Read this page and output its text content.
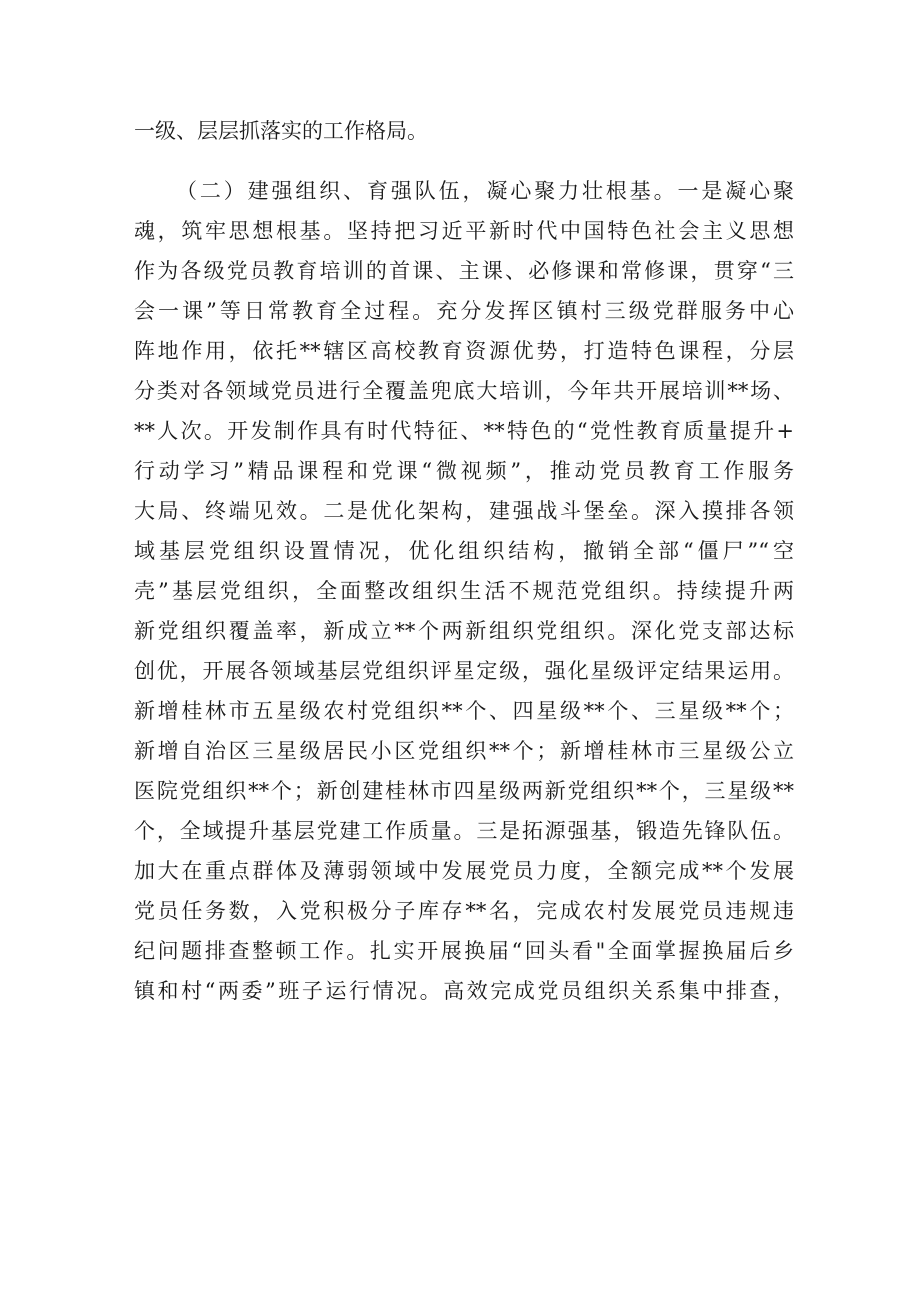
一级、层层抓落实的工作格局。
（二）建强组织、育强队伍，凝心聚力壮根基。一是凝心聚
魂，筑牢思想根基。坚持把习近平新时代中国特色社会主义思想
作为各级党员教育培训的首课、主课、必修课和常修课，贯穿“三
会一课”等日常教育全过程。充分发挥区镇村三级党群服务中心
阵地作用，依托**辖区高校教育资源优势，打造特色课程，分层
分类对各领域党员进行全覆盖兜底大培训，今年共开展培训**场、
**人次。开发制作具有时代特征、**特色的“党性教育质量提升+
行动学习”精品课程和党课“微视频”，推动党员教育工作服务
大局、终端见效。二是优化架构，建强战斗堡垒。深入摸排各领
域基层党组织设置情况，优化组织结构，撤销全部“僵尸”“空
壳”基层党组织，全面整改组织生活不规范党组织。持续提升两
新党组织覆盖率，新成立**个两新组织党组织。深化党支部达标
创优，开展各领域基层党组织评星定级，强化星级评定结果运用。
新增桂林市五星级农村党组织**个、四星级**个、三星级**个；
新增自治区三星级居民小区党组织**个；新增桂林市三星级公立
医院党组织**个；新创建桂林市四星级两新党组织**个，三星级**
个，全域提升基层党建工作质量。三是拓源强基，锻造先锋队伍。
加大在重点群体及薄弱领域中发展党员力度，全额完成**个发展
党员任务数，入党积极分子库存**名，完成农村发展党员违规违
纪问题排查整顿工作。扎实开展换届“回头看"全面掌握换届后乡
镇和村“两委”班子运行情况。高效完成党员组织关系集中排查，
